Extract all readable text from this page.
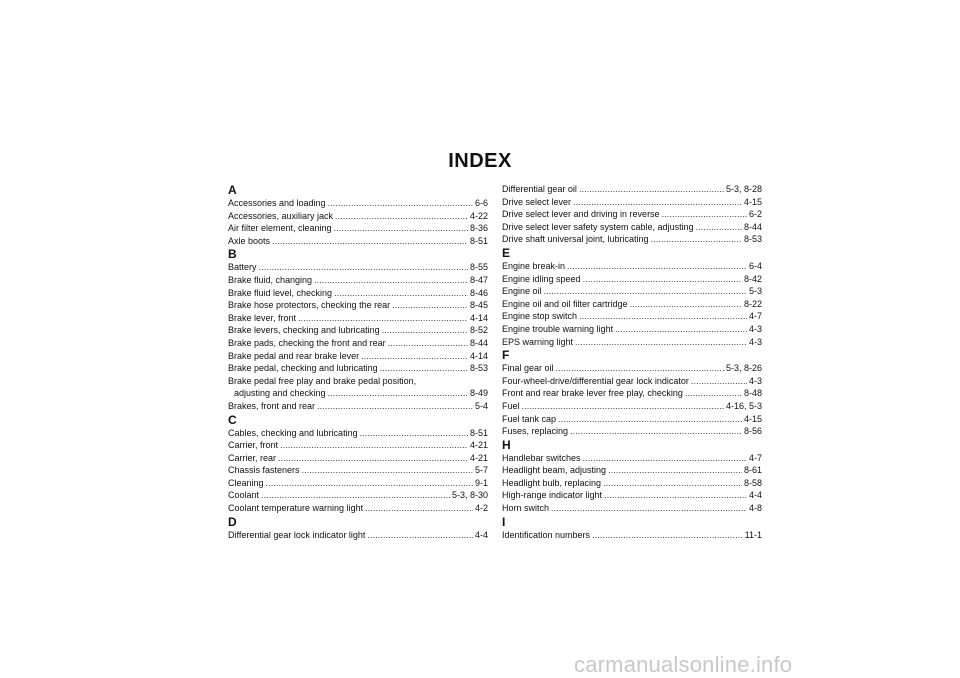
INDEX
A
Accessories and loading . . .	6-6
Accessories, auxiliary jack . . .	4-22
Air filter element, cleaning . . .	8-36
Axle boots . . .	8-51
B
Battery . . .	8-55
Brake fluid, changing . . .	8-47
Brake fluid level, checking . . .	8-46
Brake hose protectors, checking the rear . . .	8-45
Brake lever, front . . .	4-14
Brake levers, checking and lubricating . . .	8-52
Brake pads, checking the front and rear . . .	8-44
Brake pedal and rear brake lever . . .	4-14
Brake pedal, checking and lubricating . . .	8-53
Brake pedal free play and brake pedal position,
adjusting and checking . . .	8-49
Brakes, front and rear . . .	5-4
C
Cables, checking and lubricating . . .	8-51
Carrier, front . . .	4-21
Carrier, rear . . .	4-21
Chassis fasteners . . .	5-7
Cleaning . . .	9-1
Coolant . . .	5-3, 8-30
Coolant temperature warning light . . .	4-2
D
Differential gear lock indicator light . . .	4-4
Differential gear oil . . .	5-3, 8-28
Drive select lever . . .	4-15
Drive select lever and driving in reverse . . .	6-2
Drive select lever safety system cable, adjusting . . .	8-44
Drive shaft universal joint, lubricating . . .	8-53
E
Engine break-in . . .	6-4
Engine idling speed . . .	8-42
Engine oil . . .	5-3
Engine oil and oil filter cartridge . . .	8-22
Engine stop switch . . .	4-7
Engine trouble warning light . . .	4-3
EPS warning light . . .	4-3
F
Final gear oil . . .	5-3, 8-26
Four-wheel-drive/differential gear lock indicator . . .	4-3
Front and rear brake lever free play, checking . . .	8-48
Fuel . . .	4-16, 5-3
Fuel tank cap . . .	4-15
Fuses, replacing . . .	8-56
H
Handlebar switches . . .	4-7
Headlight beam, adjusting . . .	8-61
Headlight bulb, replacing . . .	8-58
High-range indicator light . . .	4-4
Horn switch . . .	4-8
I
Identification numbers . . .	11-1
carmanualsonline.info
